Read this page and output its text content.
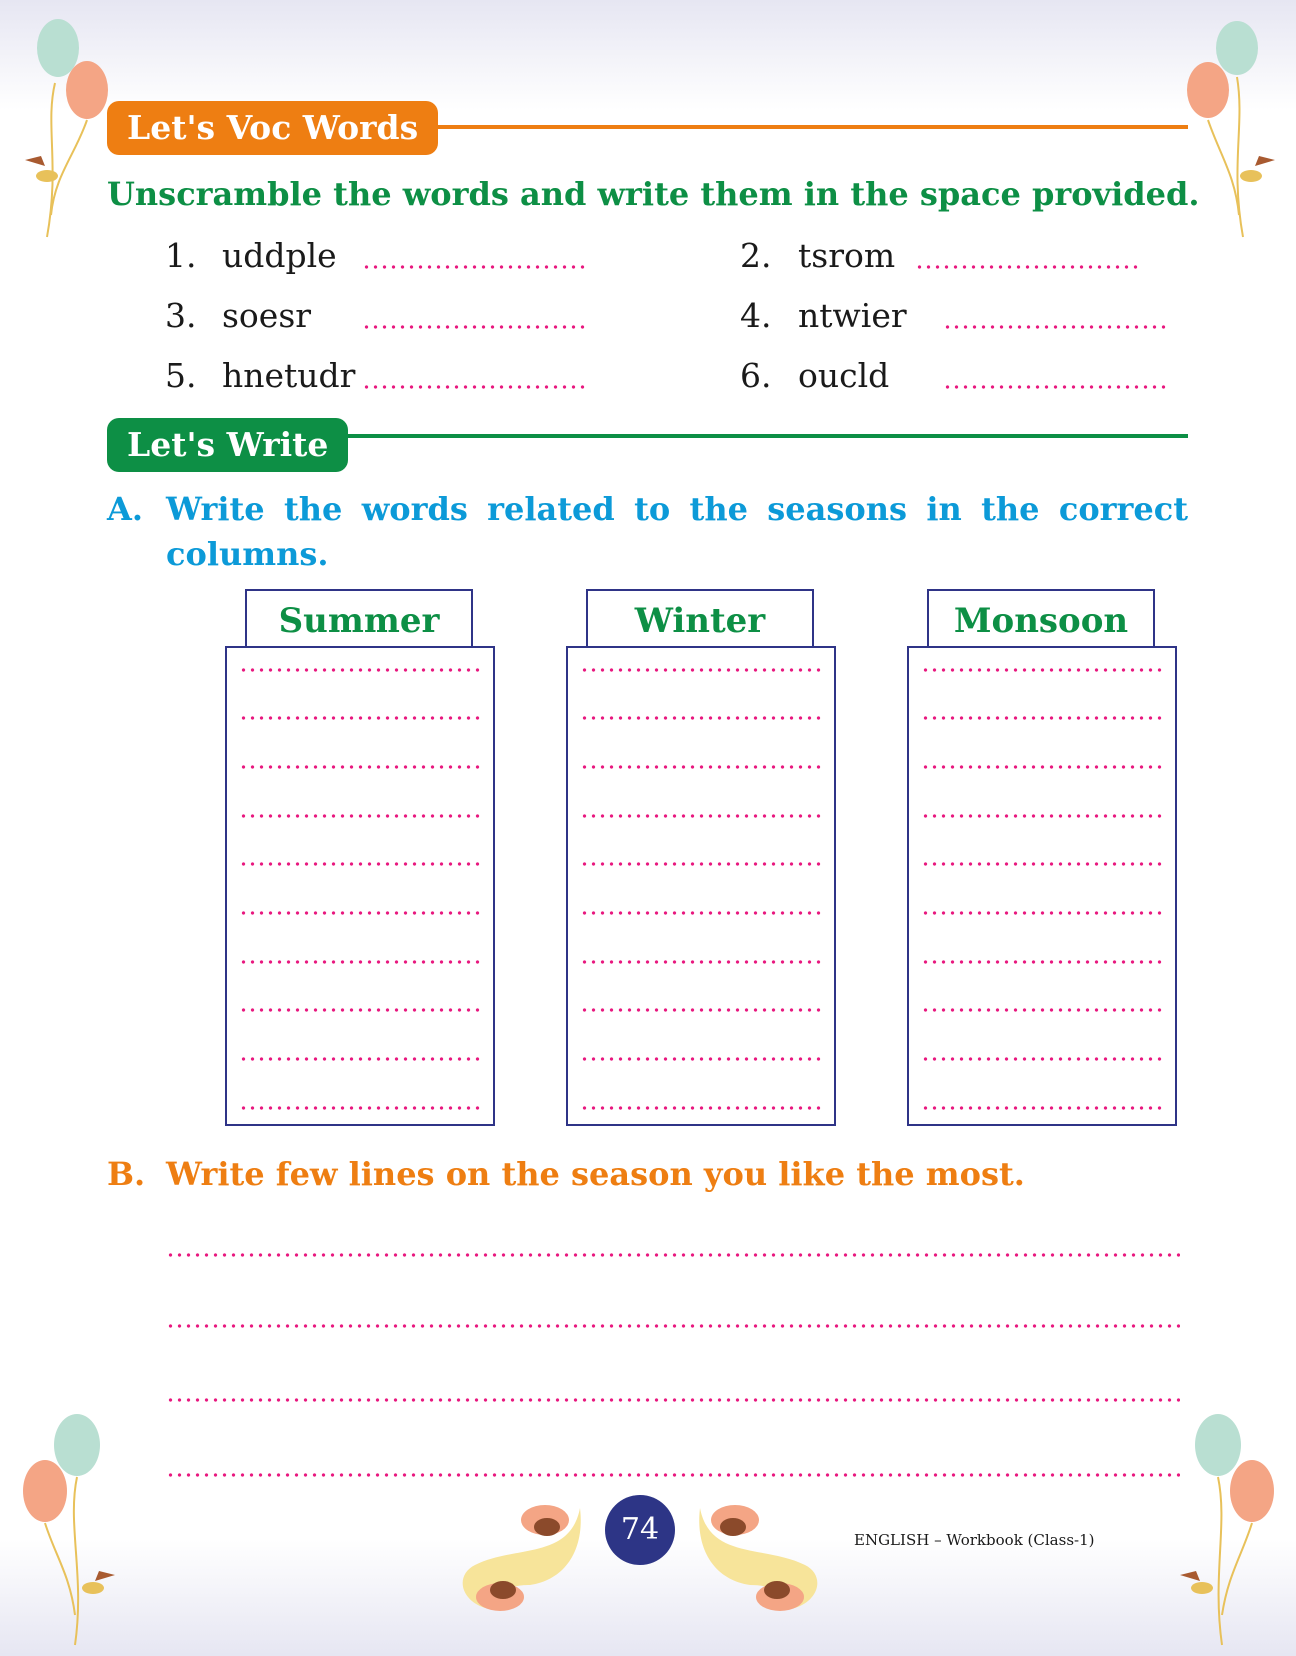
Let's Voc Words
Unscramble the words and write them in the space provided.
1. uddple	2. tsrom
3. soesr	4. ntwier
5. hnetudr	6. oucld
Let's Write
A. Write the words related to the seasons in the correct
columns.
Summer	Winter	Monsoon
B. Write few lines on the season you like the most.
74	ENGLISH – Workbook (Class-1)
